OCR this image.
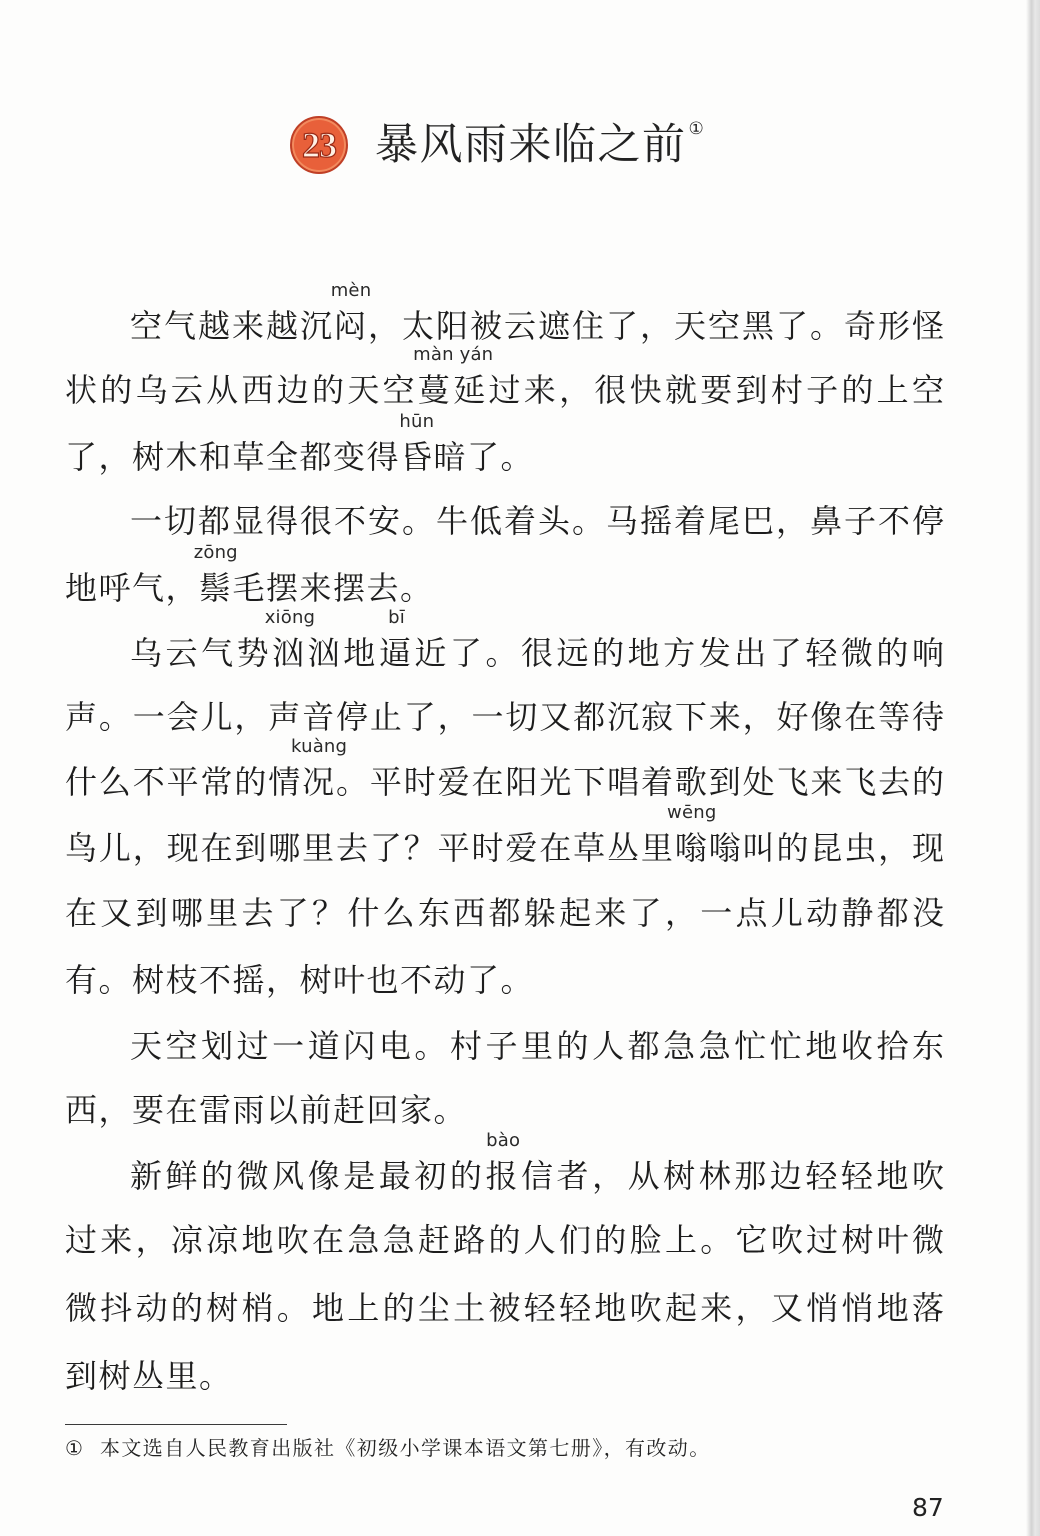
23 暴风雨来临之前 ①
空气越来越沉闷
mèn
，太阳被云遮住了，天空黑了。奇形怪
状的乌云从西边的天空蔓延
màn yán
过来，很快就要到村子的上空
了，树木和草全都变得昏
hūn
暗了。
一切都显得很不安。牛低着头。马摇着尾巴，鼻子不停
地呼气，鬃
zōng
毛摆来摆去。
乌云气势汹
xiōng
汹地逼
bī
近了。很远的地方发出了轻微的响
声。一会儿，声音停止了，一切又都沉寂下来，好像在等待
什么不平常的情况
kuàng
。平时爱在阳光下唱着歌到处飞来飞去的
鸟儿，现在到哪里去了？平时爱在草丛里嗡
wēng
嗡叫的昆虫，现
在又到哪里去了？什么东西都躲起来了，一点儿动静都没
有。树枝不摇，树叶也不动了。
天空划过一道闪电。村子里的人都急急忙忙地收拾东
西，要在雷雨以前赶回家。
新鲜的微风像是最初的报
bào
信者，从树林那边轻轻地吹
过来，凉凉地吹在急急赶路的人们的脸上。它吹过树叶微
微抖动的树梢。地上的尘土被轻轻地吹起来，又悄悄地落
到树丛里。
① 本文选自人民教育出版社《初级小学课本语文第七册》，有改动。
87
